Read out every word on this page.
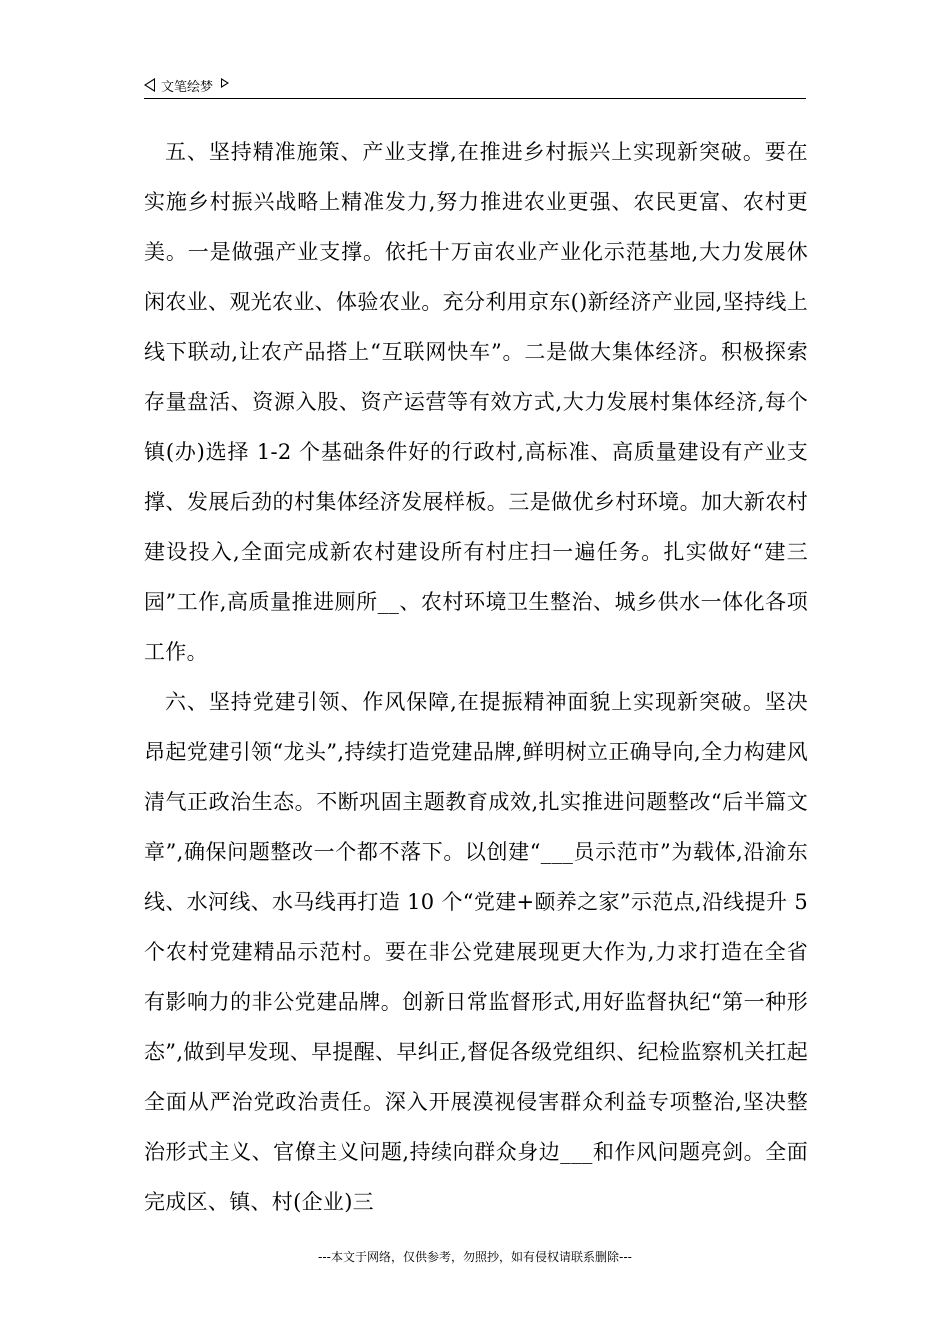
文笔绘梦

五、坚持精准施策、产业支撑,在推进乡村振兴上实现新突破。要在实施乡村振兴战略上精准发力,努力推进农业更强、农民更富、农村更美。一是做强产业支撑。依托十万亩农业产业化示范基地,大力发展休闲农业、观光农业、体验农业。充分利用京东()新经济产业园,坚持线上线下联动,让农产品搭上“互联网快车”。二是做大集体经济。积极探索存量盘活、资源入股、资产运营等有效方式,大力发展村集体经济,每个镇(办)选择 1-2 个基础条件好的行政村,高标准、高质量建设有产业支撑、发展后劲的村集体经济发展样板。三是做优乡村环境。加大新农村建设投入,全面完成新农村建设所有村庄扫一遍任务。扎实做好“建三园”工作,高质量推进厕所__、农村环境卫生整治、城乡供水一体化各项工作。

六、坚持党建引领、作风保障,在提振精神面貌上实现新突破。坚决昂起党建引领“龙头”,持续打造党建品牌,鲜明树立正确导向,全力构建风清气正政治生态。不断巩固主题教育成效,扎实推进问题整改“后半篇文章”,确保问题整改一个都不落下。以创建“___员示范市”为载体,沿渝东线、水河线、水马线再打造 10 个“党建+颐养之家”示范点,沿线提升 5 个农村党建精品示范村。要在非公党建展现更大作为,力求打造在全省有影响力的非公党建品牌。创新日常监督形式,用好监督执纪“第一种形态”,做到早发现、早提醒、早纠正,督促各级党组织、纪检监察机关扛起全面从严治党政治责任。深入开展漠视侵害群众利益专项整治,坚决整治形式主义、官僚主义问题,持续向群众身边___和作风问题亮剑。全面完成区、镇、村(企业)三

---本文于网络，仅供参考，勿照抄，如有侵权请联系删除---
